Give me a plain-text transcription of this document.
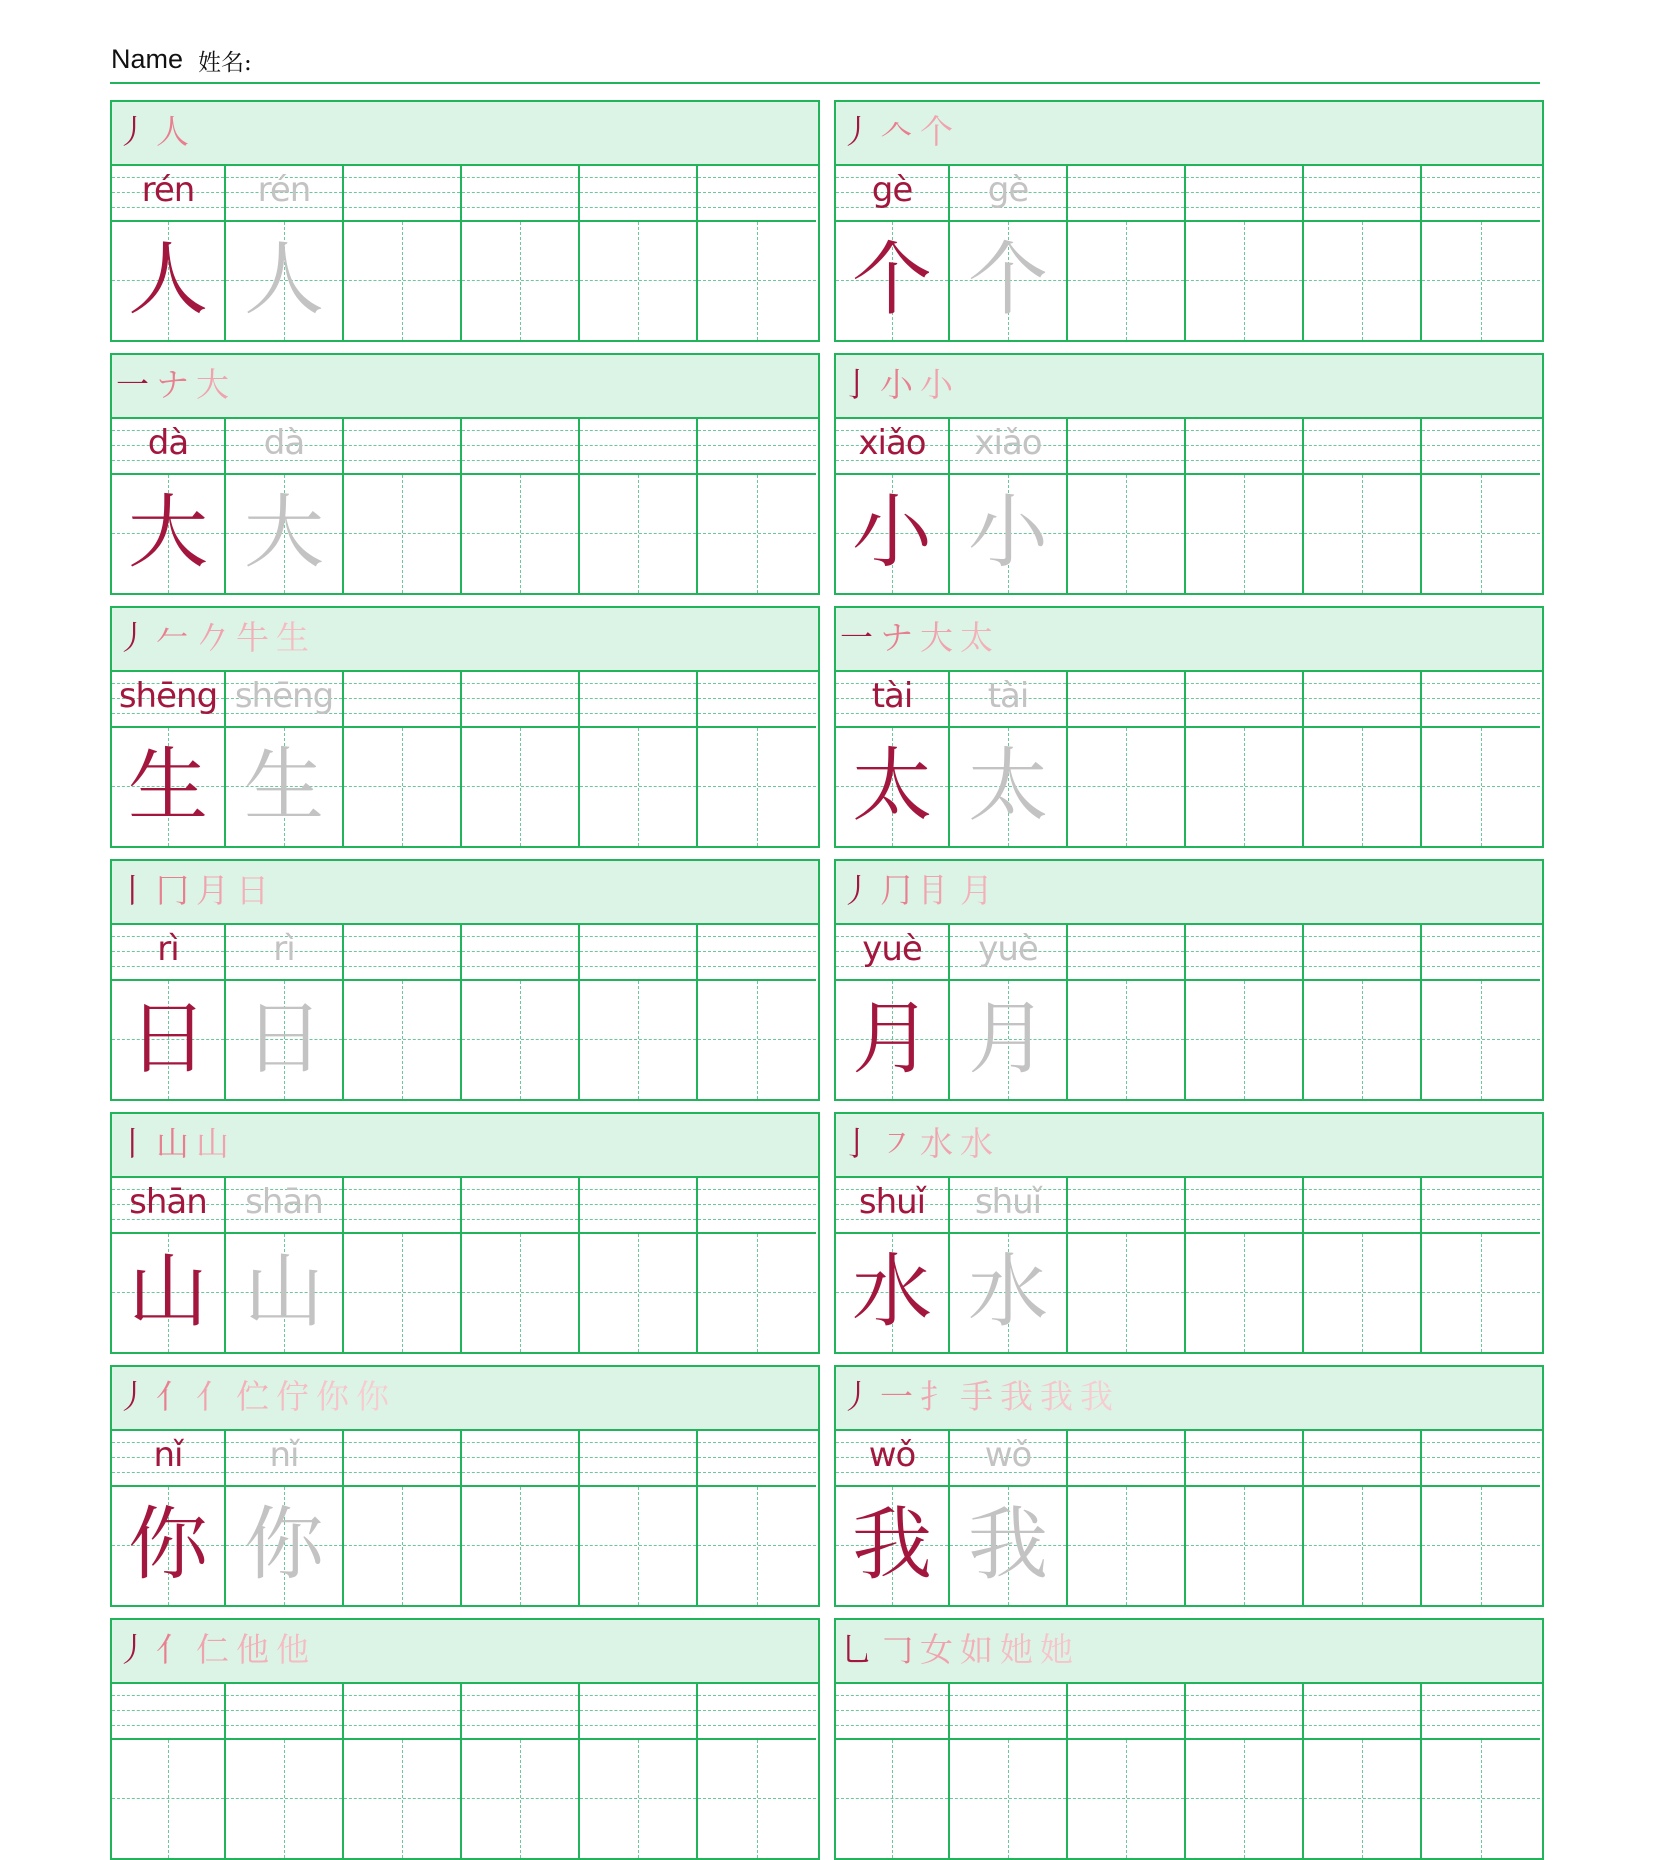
Name 姓名:
丿 人
rén
人
rén
人
丿 𠆢 个
gè
个
gè
个
一 ナ 大
dà
大
dà
大
亅 小 小
xiǎo
小
xiǎo
小
丿 𠂉 𠂊 牛 生
shēng
生
shēng
生
一 ナ 大 太
tài
太
tài
太
丨 冂 月 日
rì
日
rì
日
丿 ⺆ ⺝ 月
yuè
月
yuè
月
丨 山 山
shān
山
shān
山
亅 ㇇ 水 水
shuǐ
水
shuǐ
水
丿 亻 亻 伫 佇 你 你
nǐ
你
nǐ
你
丿 一 扌 手 我 我 我
wǒ
我
wǒ
我
丿 亻 仁 他 他	乚 𠃌 女 如 她 她
